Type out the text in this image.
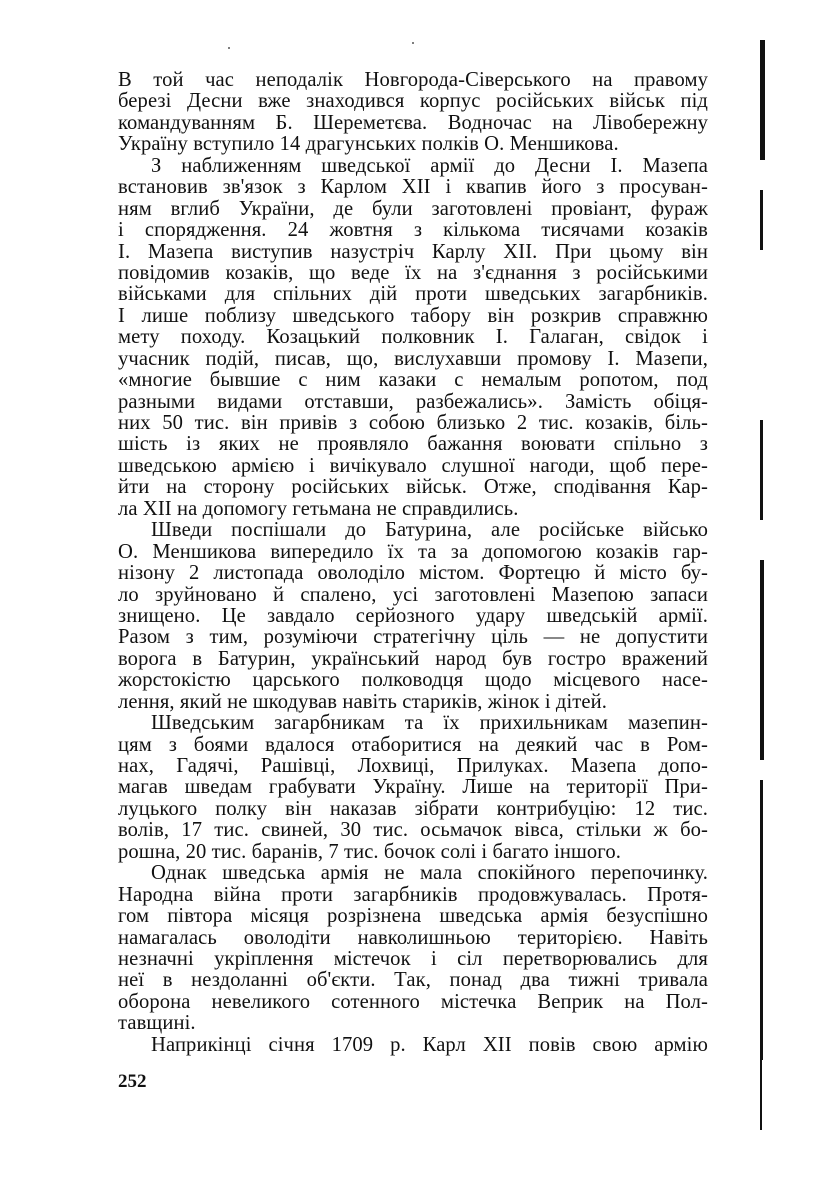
В той час неподалік Новгорода-Сіверського на правому
березі Десни вже знаходився корпус російських військ під
командуванням Б. Шереметєва. Водночас на Лівобережну
Україну вступило 14 драгунських полків О. Меншикова.
З наближенням шведської армії до Десни І. Мазепа
встановив зв'язок з Карлом XII і квапив його з просуван-
ням вглиб України, де були заготовлені провіант, фураж
і спорядження. 24 жовтня з кількома тисячами козаків
І. Мазепа виступив назустріч Карлу XII. При цьому він
повідомив козаків, що веде їх на з'єднання з російськими
військами для спільних дій проти шведських загарбників.
І лише поблизу шведського табору він розкрив справжню
мету походу. Козацький полковник І. Галаган, свідок і
учасник подій, писав, що, вислухавши промову І. Мазепи,
«многие бывшие с ним казаки с немалым ропотом, под
разными видами отставши, разбежались». Замість обіця-
них 50 тис. він привів з собою близько 2 тис. козаків, біль-
шість із яких не проявляло бажання воювати спільно з
шведською армією і вичікувало слушної нагоди, щоб пере-
йти на сторону російських військ. Отже, сподівання Кар-
ла XII на допомогу гетьмана не справдились.
Шведи поспішали до Батурина, але російське військо
О. Меншикова випередило їх та за допомогою козаків гар-
нізону 2 листопада оволоділо містом. Фортецю й місто бу-
ло зруйновано й спалено, усі заготовлені Мазепою запаси
знищено. Це завдало серйозного удару шведській армії.
Разом з тим, розуміючи стратегічну ціль — не допустити
ворога в Батурин, український народ був гостро вражений
жорстокістю царського полководця щодо місцевого насе-
лення, який не шкодував навіть стариків, жінок і дітей.
Шведським загарбникам та їх прихильникам мазепин-
цям з боями вдалося отаборитися на деякий час в Ром-
нах, Гадячі, Рашівці, Лохвиці, Прилуках. Мазепа допо-
магав шведам грабувати Україну. Лише на території При-
луцького полку він наказав зібрати контрибуцію: 12 тис.
волів, 17 тис. свиней, 30 тис. осьмачок вівса, стільки ж бо-
рошна, 20 тис. баранів, 7 тис. бочок солі і багато іншого.
Однак шведська армія не мала спокійного перепочинку.
Народна війна проти загарбників продовжувалась. Протя-
гом півтора місяця розрізнена шведська армія безуспішно
намагалась оволодіти навколишньою територією. Навіть
незначні укріплення містечок і сіл перетворювались для
неї в нездоланні об'єкти. Так, понад два тижні тривала
оборона невеликого сотенного містечка Веприк на Пол-
тавщині.
Наприкінці січня 1709 р. Карл XII повів свою армію
252
